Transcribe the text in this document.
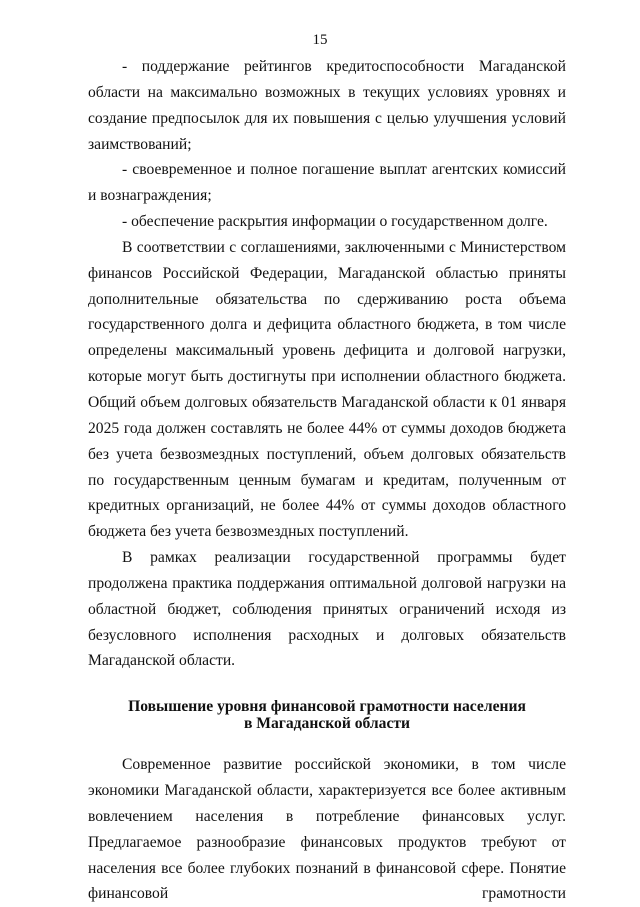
15

- поддержание рейтингов кредитоспособности Магаданской области на максимально возможных в текущих условиях уровнях и создание предпосылок для их повышения с целью улучшения условий заимствований;

- своевременное и полное погашение выплат агентских комиссий и вознаграждения;

- обеспечение раскрытия информации о государственном долге.

В соответствии с соглашениями, заключенными с Министерством финансов Российской Федерации, Магаданской областью приняты дополнительные обязательства по сдерживанию роста объема государственного долга и дефицита областного бюджета, в том числе определены максимальный уровень дефицита и долговой нагрузки, которые могут быть достигнуты при исполнении областного бюджета. Общий объем долговых обязательств Магаданской области к 01 января 2025 года должен составлять не более 44% от суммы доходов бюджета без учета безвозмездных поступлений, объем долговых обязательств по государственным ценным бумагам и кредитам, полученным от кредитных организаций, не более 44% от суммы доходов областного бюджета без учета безвозмездных поступлений.

В рамках реализации государственной программы будет продолжена практика поддержания оптимальной долговой нагрузки на областной бюджет, соблюдения принятых ограничений исходя из безусловного исполнения расходных и долговых обязательств Магаданской области.

Повышение уровня финансовой грамотности населения
в Магаданской области

Современное развитие российской экономики, в том числе экономики Магаданской области, характеризуется все более активным вовлечением населения в потребление финансовых услуг. Предлагаемое разнообразие финансовых продуктов требуют от населения все более глубоких познаний в финансовой сфере. Понятие финансовой грамотности
